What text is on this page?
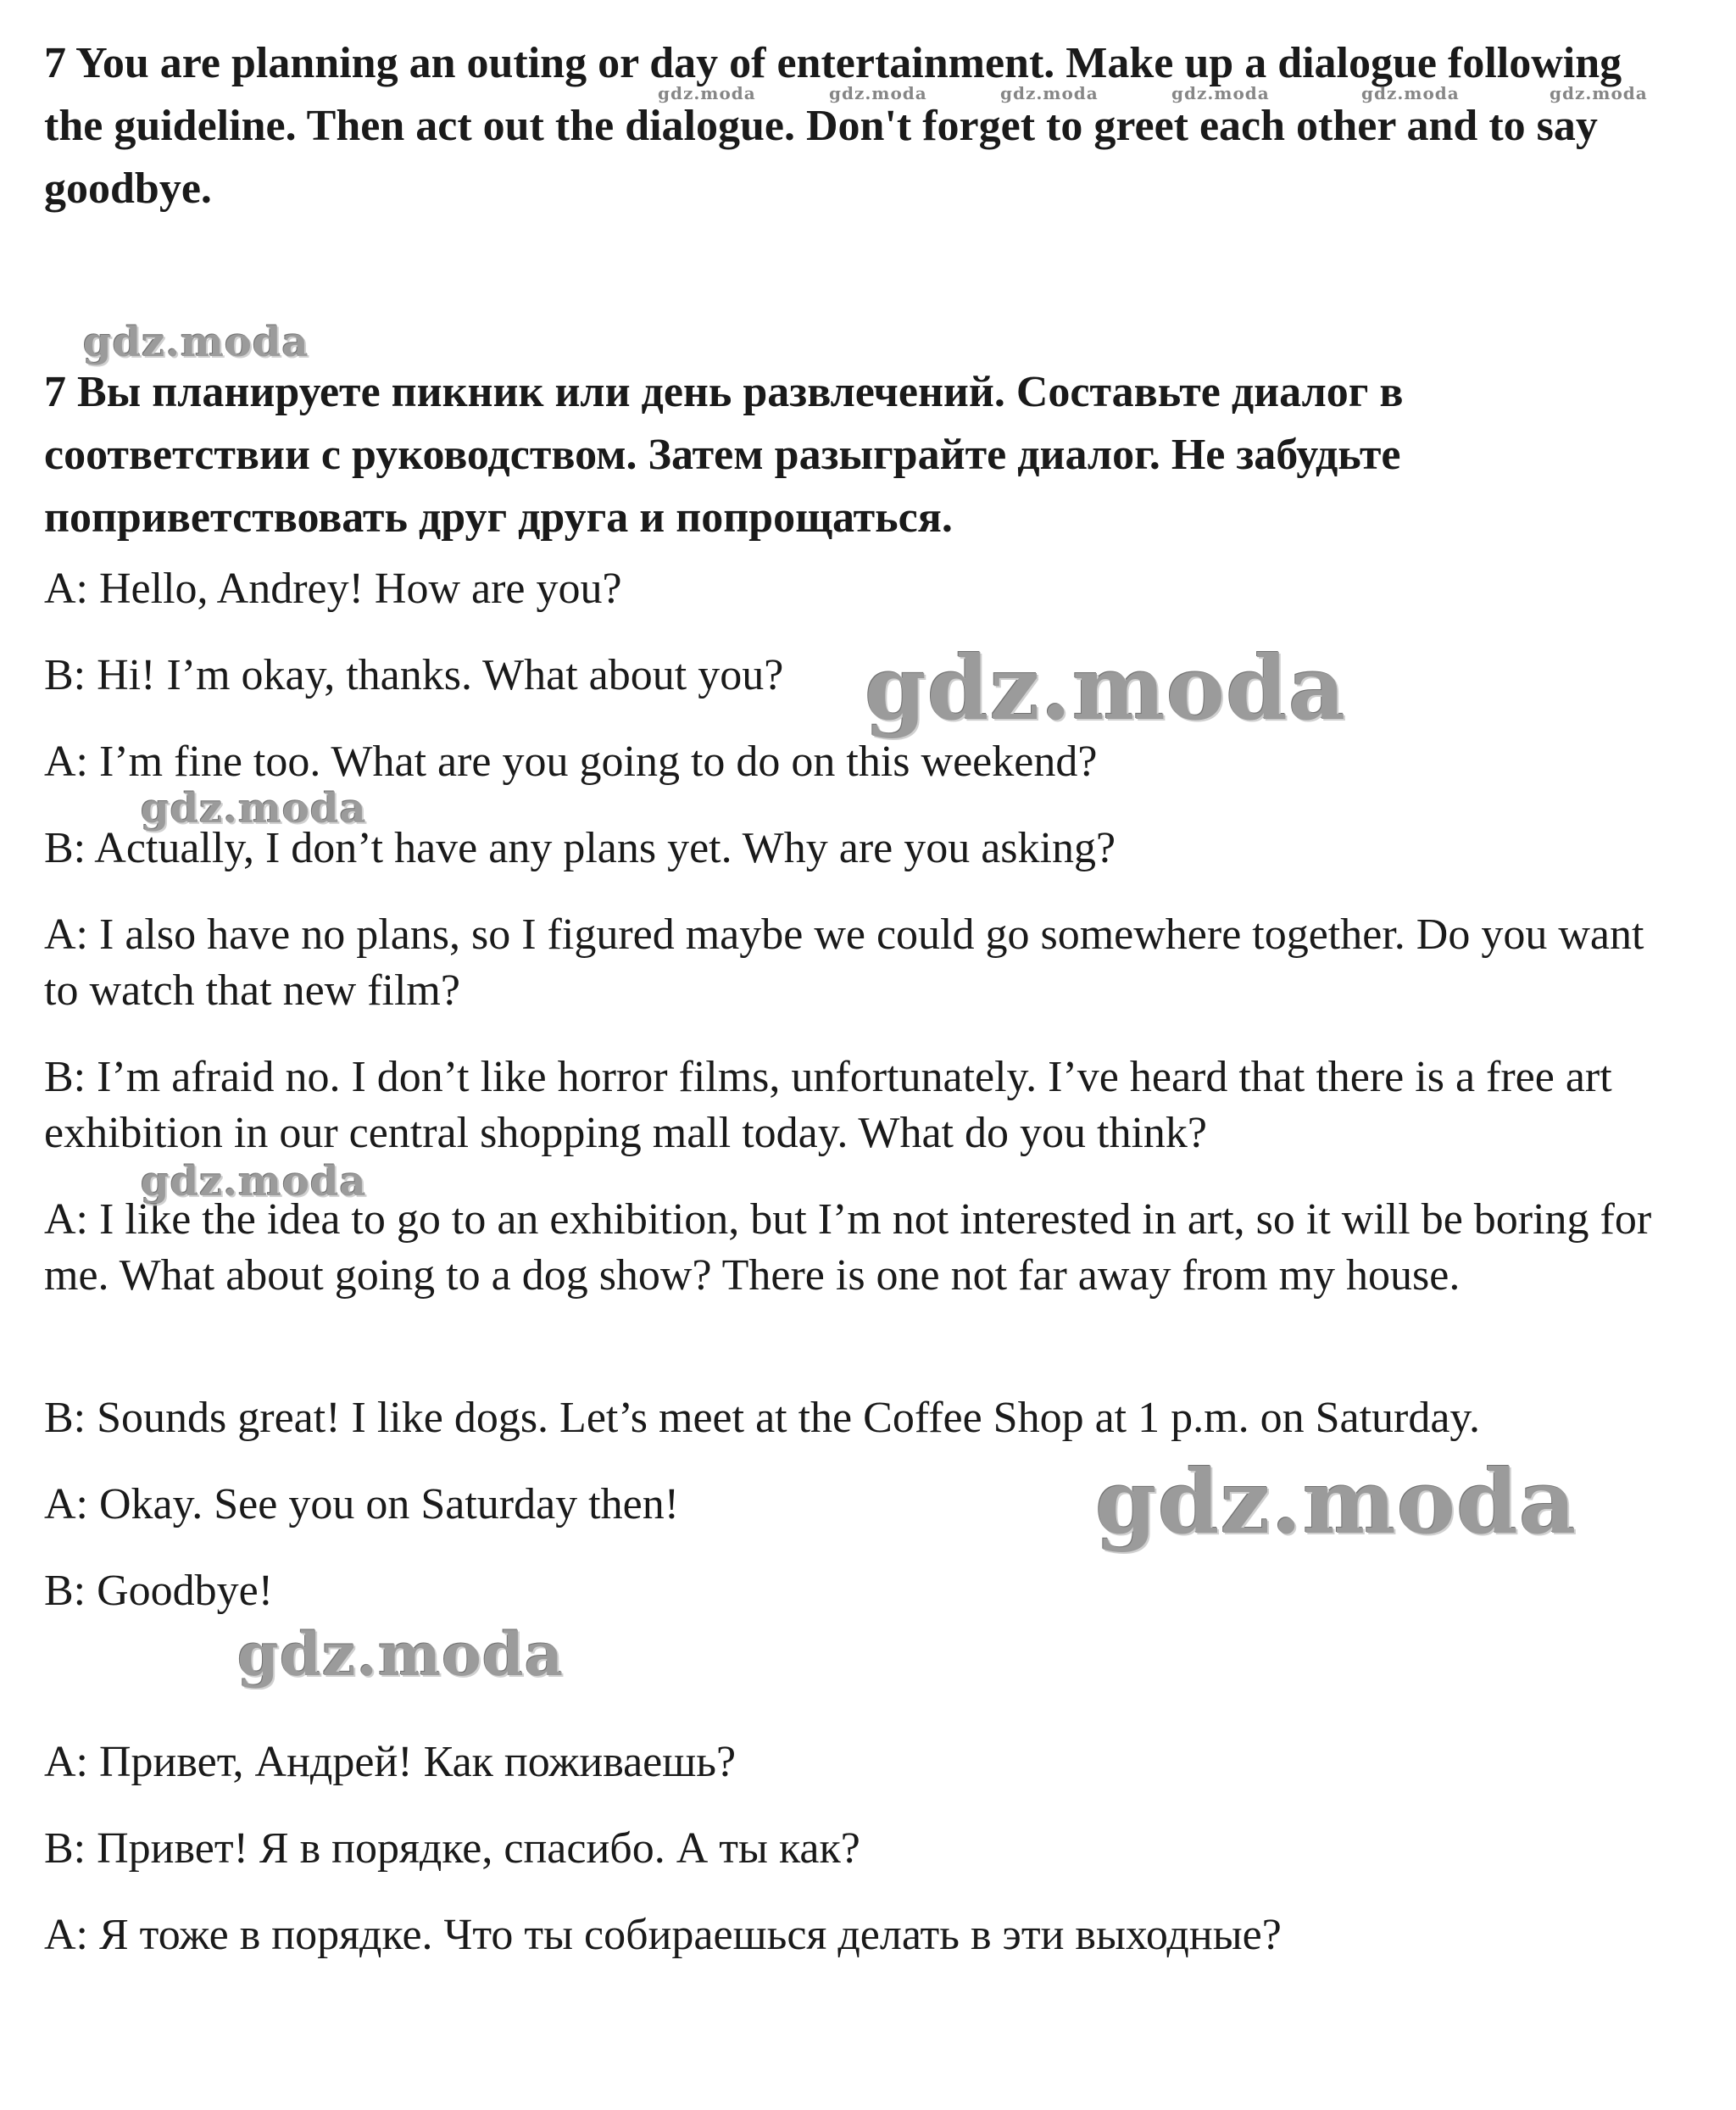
7 You are planning an outing or day of entertainment. Make up a dialogue following the guideline. Then act out the dialogue. Don't forget to greet each other and to say goodbye.

7 Вы планируете пикник или день развлечений. Составьте диалог в соответствии с руководством. Затем разыграйте диалог. Не забудьте поприветствовать друг друга и попрощаться.

A: Hello, Andrey! How are you?

B: Hi! I’m okay, thanks. What about you?

A: I’m fine too. What are you going to do on this weekend?

B: Actually, I don’t have any plans yet. Why are you asking?

A: I also have no plans, so I figured maybe we could go somewhere together. Do you want to watch that new film?

B: I’m afraid no. I don’t like horror films, unfortunately. I’ve heard that there is a free art exhibition in our central shopping mall today. What do you think?

A: I like the idea to go to an exhibition, but I’m not interested in art, so it will be boring for me. What about going to a dog show? There is one not far away from my house.

B: Sounds great! I like dogs. Let’s meet at the Coffee Shop at 1 p.m. on Saturday.

A: Okay. See you on Saturday then!

B: Goodbye!

A: Привет, Андрей! Как поживаешь?

B: Привет! Я в порядке, спасибо. А ты как?

A: Я тоже в порядке. Что ты собираешься делать в эти выходные?

gdz.moda	gdz.moda	gdz.moda	gdz.moda	gdz.moda	gdz.moda
gdz.moda
gdz.moda
gdz.moda
gdz.moda
gdz.moda
gdz.moda
